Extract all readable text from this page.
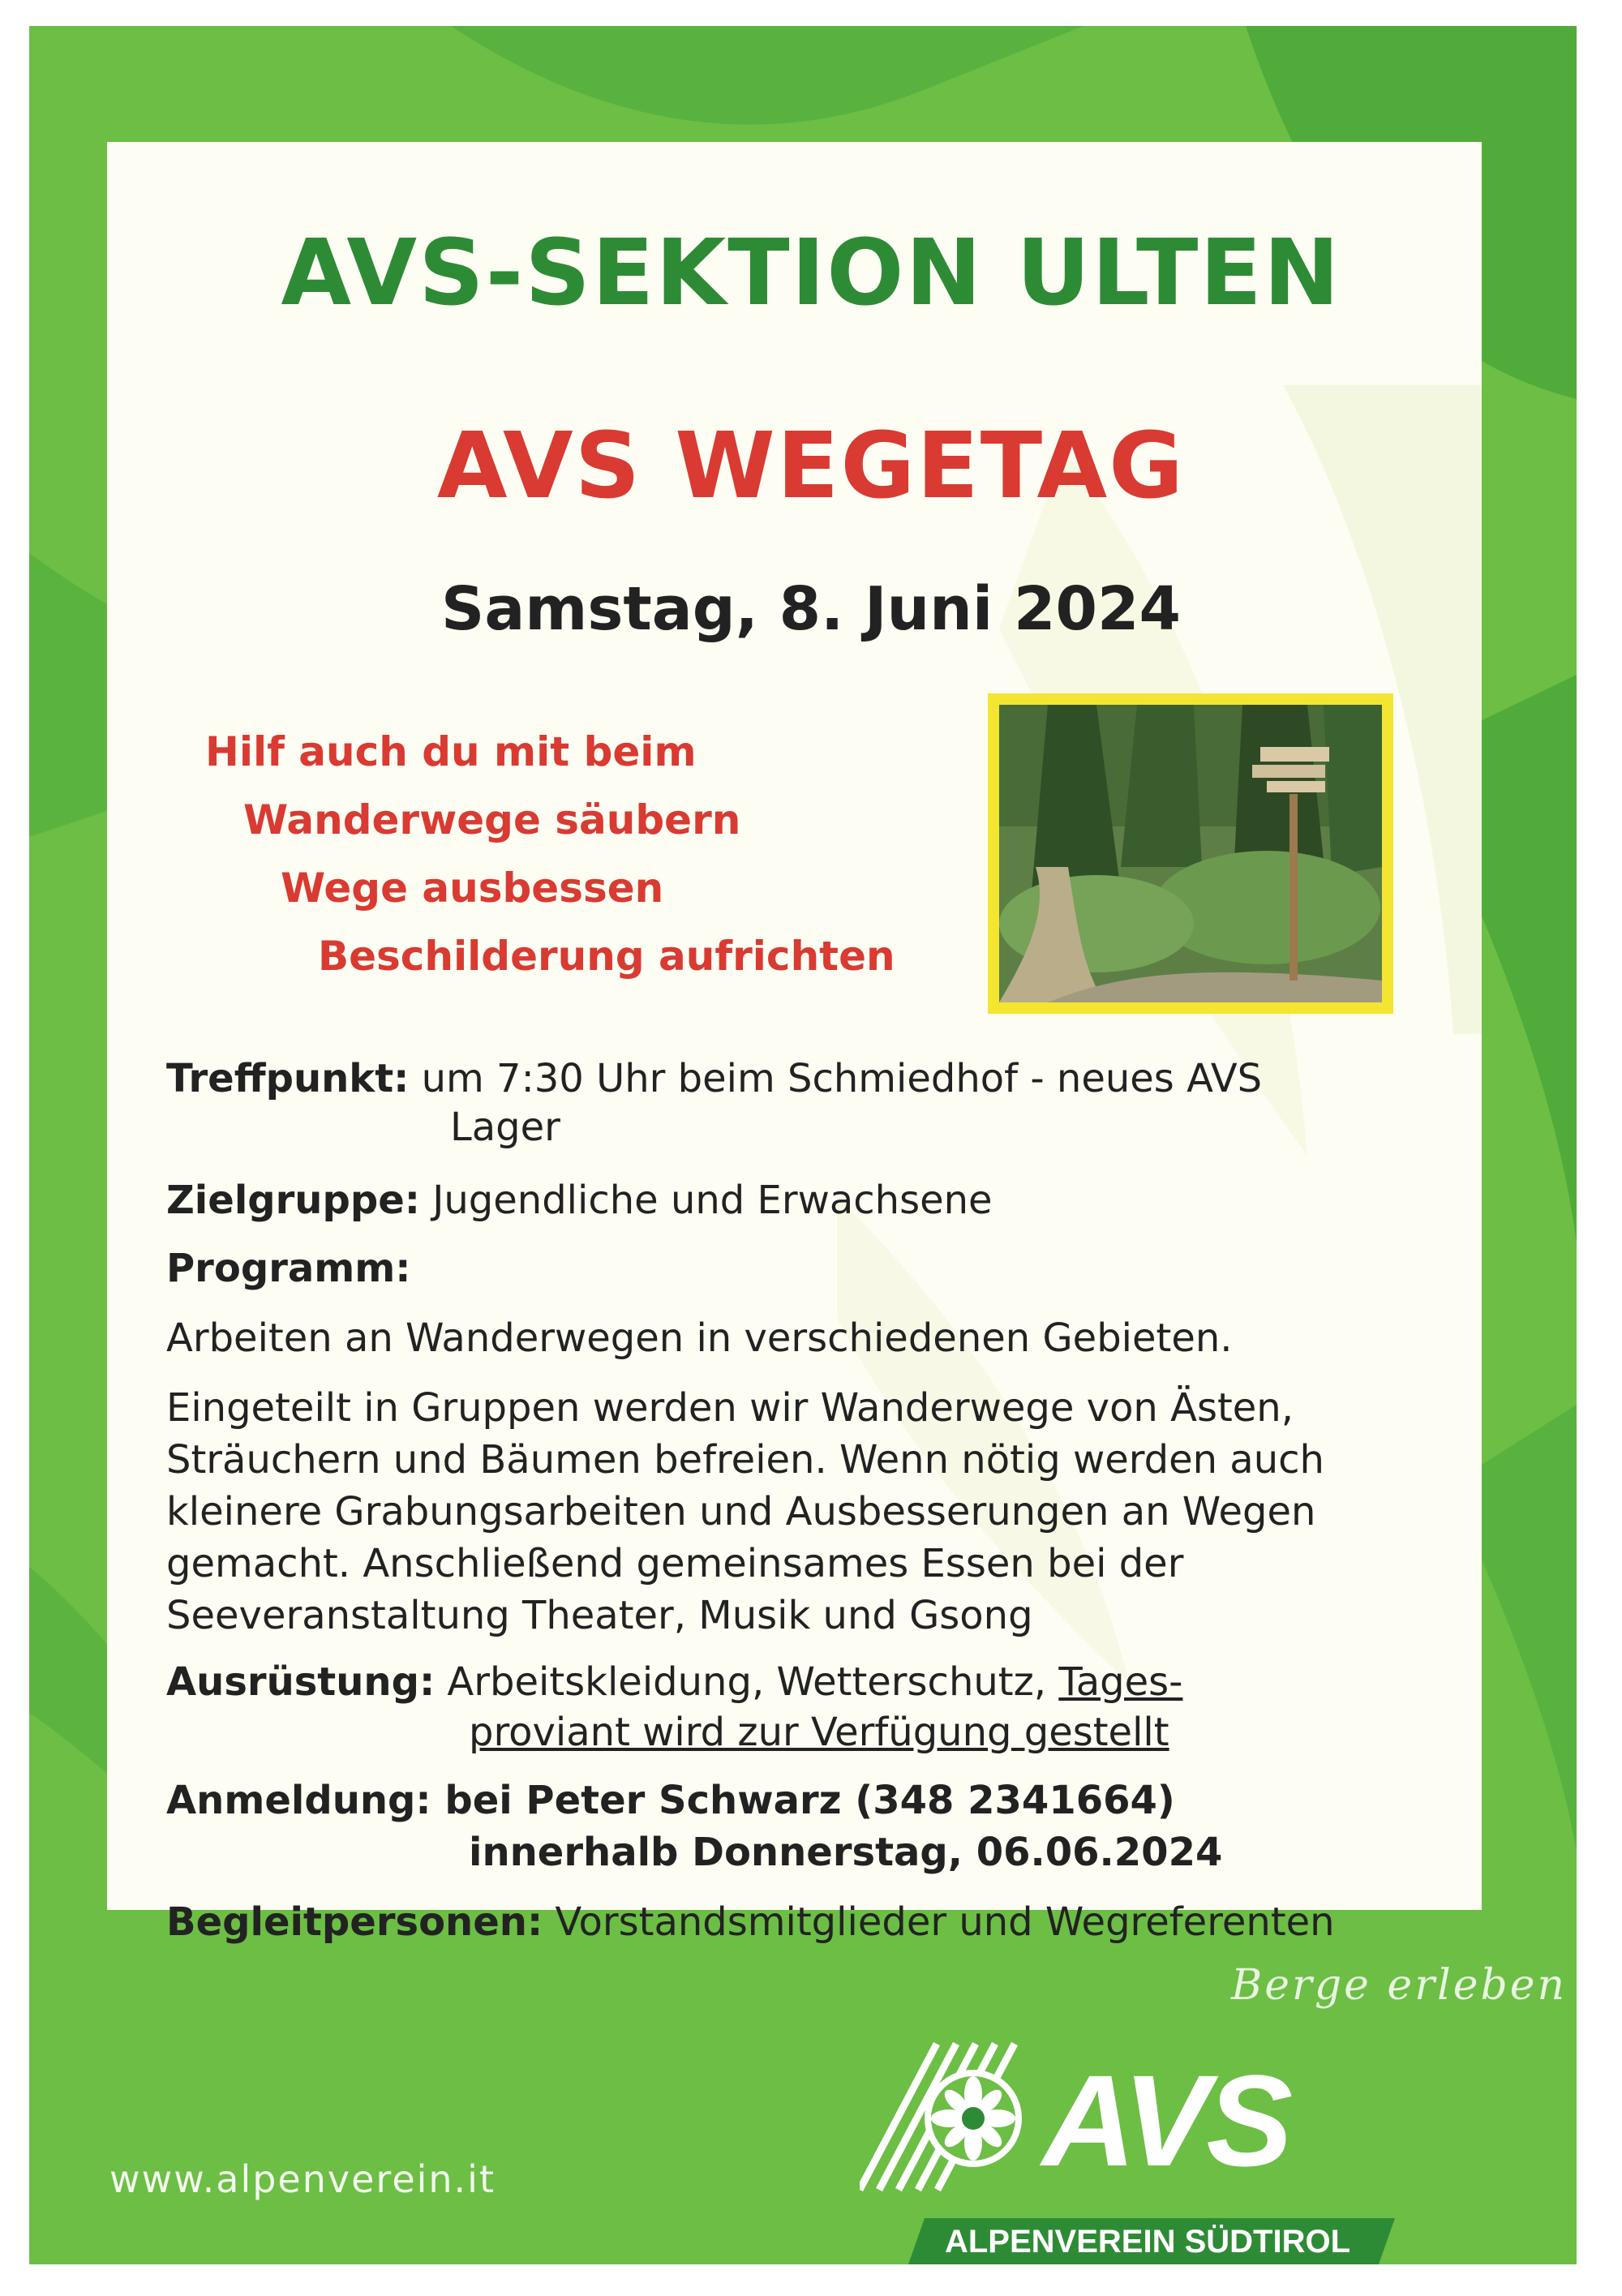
AVS-SEKTION ULTEN
AVS WEGETAG
Samstag, 8. Juni 2024
Hilf auch du mit beim
Wanderwege säubern
Wege ausbessen
Beschilderung aufrichten
Treffpunkt: um 7:30 Uhr beim Schmiedhof - neues AVS
Lager
Zielgruppe: Jugendliche und Erwachsene
Programm:
Arbeiten an Wanderwegen in verschiedenen Gebieten.
Eingeteilt in Gruppen werden wir Wanderwege von Ästen,
Sträuchern und Bäumen befreien. Wenn nötig werden auch
kleinere Grabungsarbeiten und Ausbesserungen an Wegen
gemacht. Anschließend gemeinsames Essen bei der
Seeveranstaltung Theater, Musik und Gsong
Ausrüstung: Arbeitskleidung, Wetterschutz, Tages-
proviant wird zur Verfügung gestellt
Anmeldung: bei Peter Schwarz (348 2341664)
innerhalb Donnerstag, 06.06.2024
Begleitpersonen: Vorstandsmitglieder und Wegreferenten
Berge erleben
AVS
ALPENVEREIN SÜDTIROL
www.alpenverein.it
